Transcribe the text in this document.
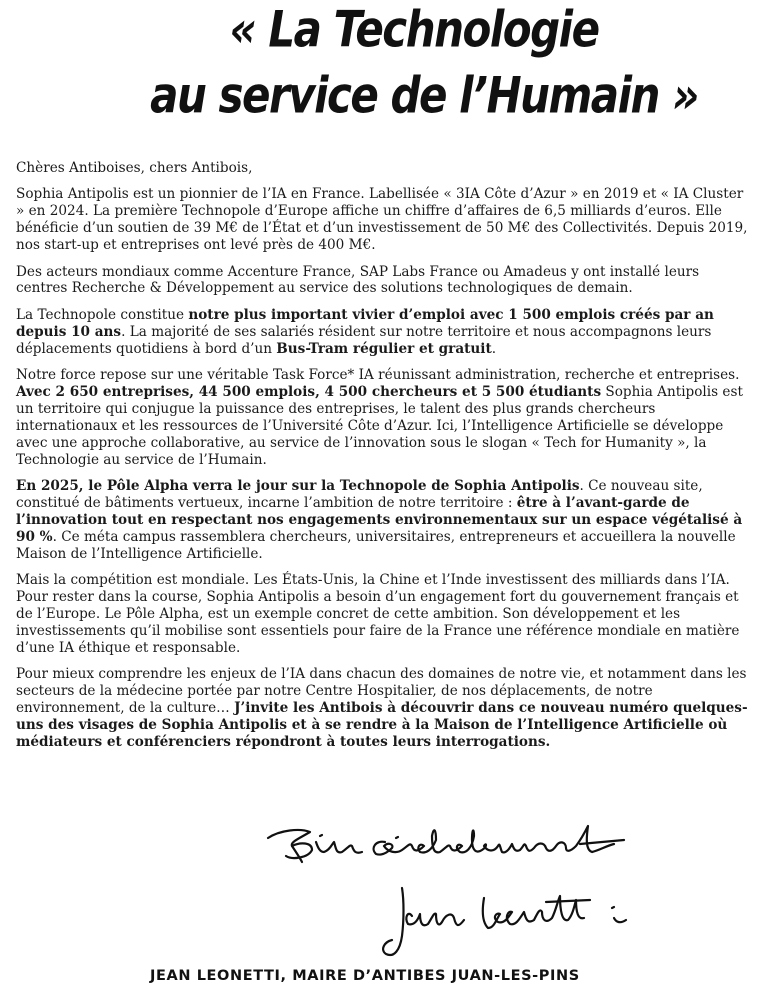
« La Technologie
au service de l’Humain »

Chères Antiboises, chers Antibois,

Sophia Antipolis est un pionnier de l’IA en France. Labellisée « 3IA Côte d’Azur » en 2019 et « IA Cluster » en 2024. La première Technopole d’Europe affiche un chiffre d’affaires de 6,5 milliards d’euros. Elle bénéficie d’un soutien de 39 M€ de l’État et d’un investissement de 50 M€ des Collectivités. Depuis 2019, nos start-up et entreprises ont levé près de 400 M€.

Des acteurs mondiaux comme Accenture France, SAP Labs France ou Amadeus y ont installé leurs centres Recherche & Développement au service des solutions technologiques de demain.

La Technopole constitue notre plus important vivier d’emploi avec 1 500 emplois créés par an depuis 10 ans. La majorité de ses salariés résident sur notre territoire et nous accompagnons leurs déplacements quotidiens à bord d’un Bus-Tram régulier et gratuit.

Notre force repose sur une véritable Task Force* IA réunissant administration, recherche et entreprises. Avec 2 650 entreprises, 44 500 emplois, 4 500 chercheurs et 5 500 étudiants Sophia Antipolis est un territoire qui conjugue la puissance des entreprises, le talent des plus grands chercheurs internationaux et les ressources de l’Université Côte d’Azur. Ici, l’Intelligence Artificielle se développe avec une approche collaborative, au service de l’innovation sous le slogan « Tech for Humanity », la Technologie au service de l’Humain.

En 2025, le Pôle Alpha verra le jour sur la Technopole de Sophia Antipolis. Ce nouveau site, constitué de bâtiments vertueux, incarne l’ambition de notre territoire : être à l’avant-garde de l’innovation tout en respectant nos engagements environnementaux sur un espace végétalisé à 90 %. Ce méta campus rassemblera chercheurs, universitaires, entrepreneurs et accueillera la nouvelle Maison de l’Intelligence Artificielle.

Mais la compétition est mondiale. Les États-Unis, la Chine et l’Inde investissent des milliards dans l’IA. Pour rester dans la course, Sophia Antipolis a besoin d’un engagement fort du gouvernement français et de l’Europe. Le Pôle Alpha, est un exemple concret de cette ambition. Son développement et les investissements qu’il mobilise sont essentiels pour faire de la France une référence mondiale en matière d’une IA éthique et responsable.

Pour mieux comprendre les enjeux de l’IA dans chacun des domaines de notre vie, et notamment dans les secteurs de la médecine portée par notre Centre Hospitalier, de nos déplacements, de notre environnement, de la culture… J’invite les Antibois à découvrir dans ce nouveau numéro quelques-uns des visages de Sophia Antipolis et à se rendre à la Maison de l’Intelligence Artificielle où médiateurs et conférenciers répondront à toutes leurs interrogations.

JEAN LEONETTI, MAIRE D’ANTIBES JUAN-LES-PINS
